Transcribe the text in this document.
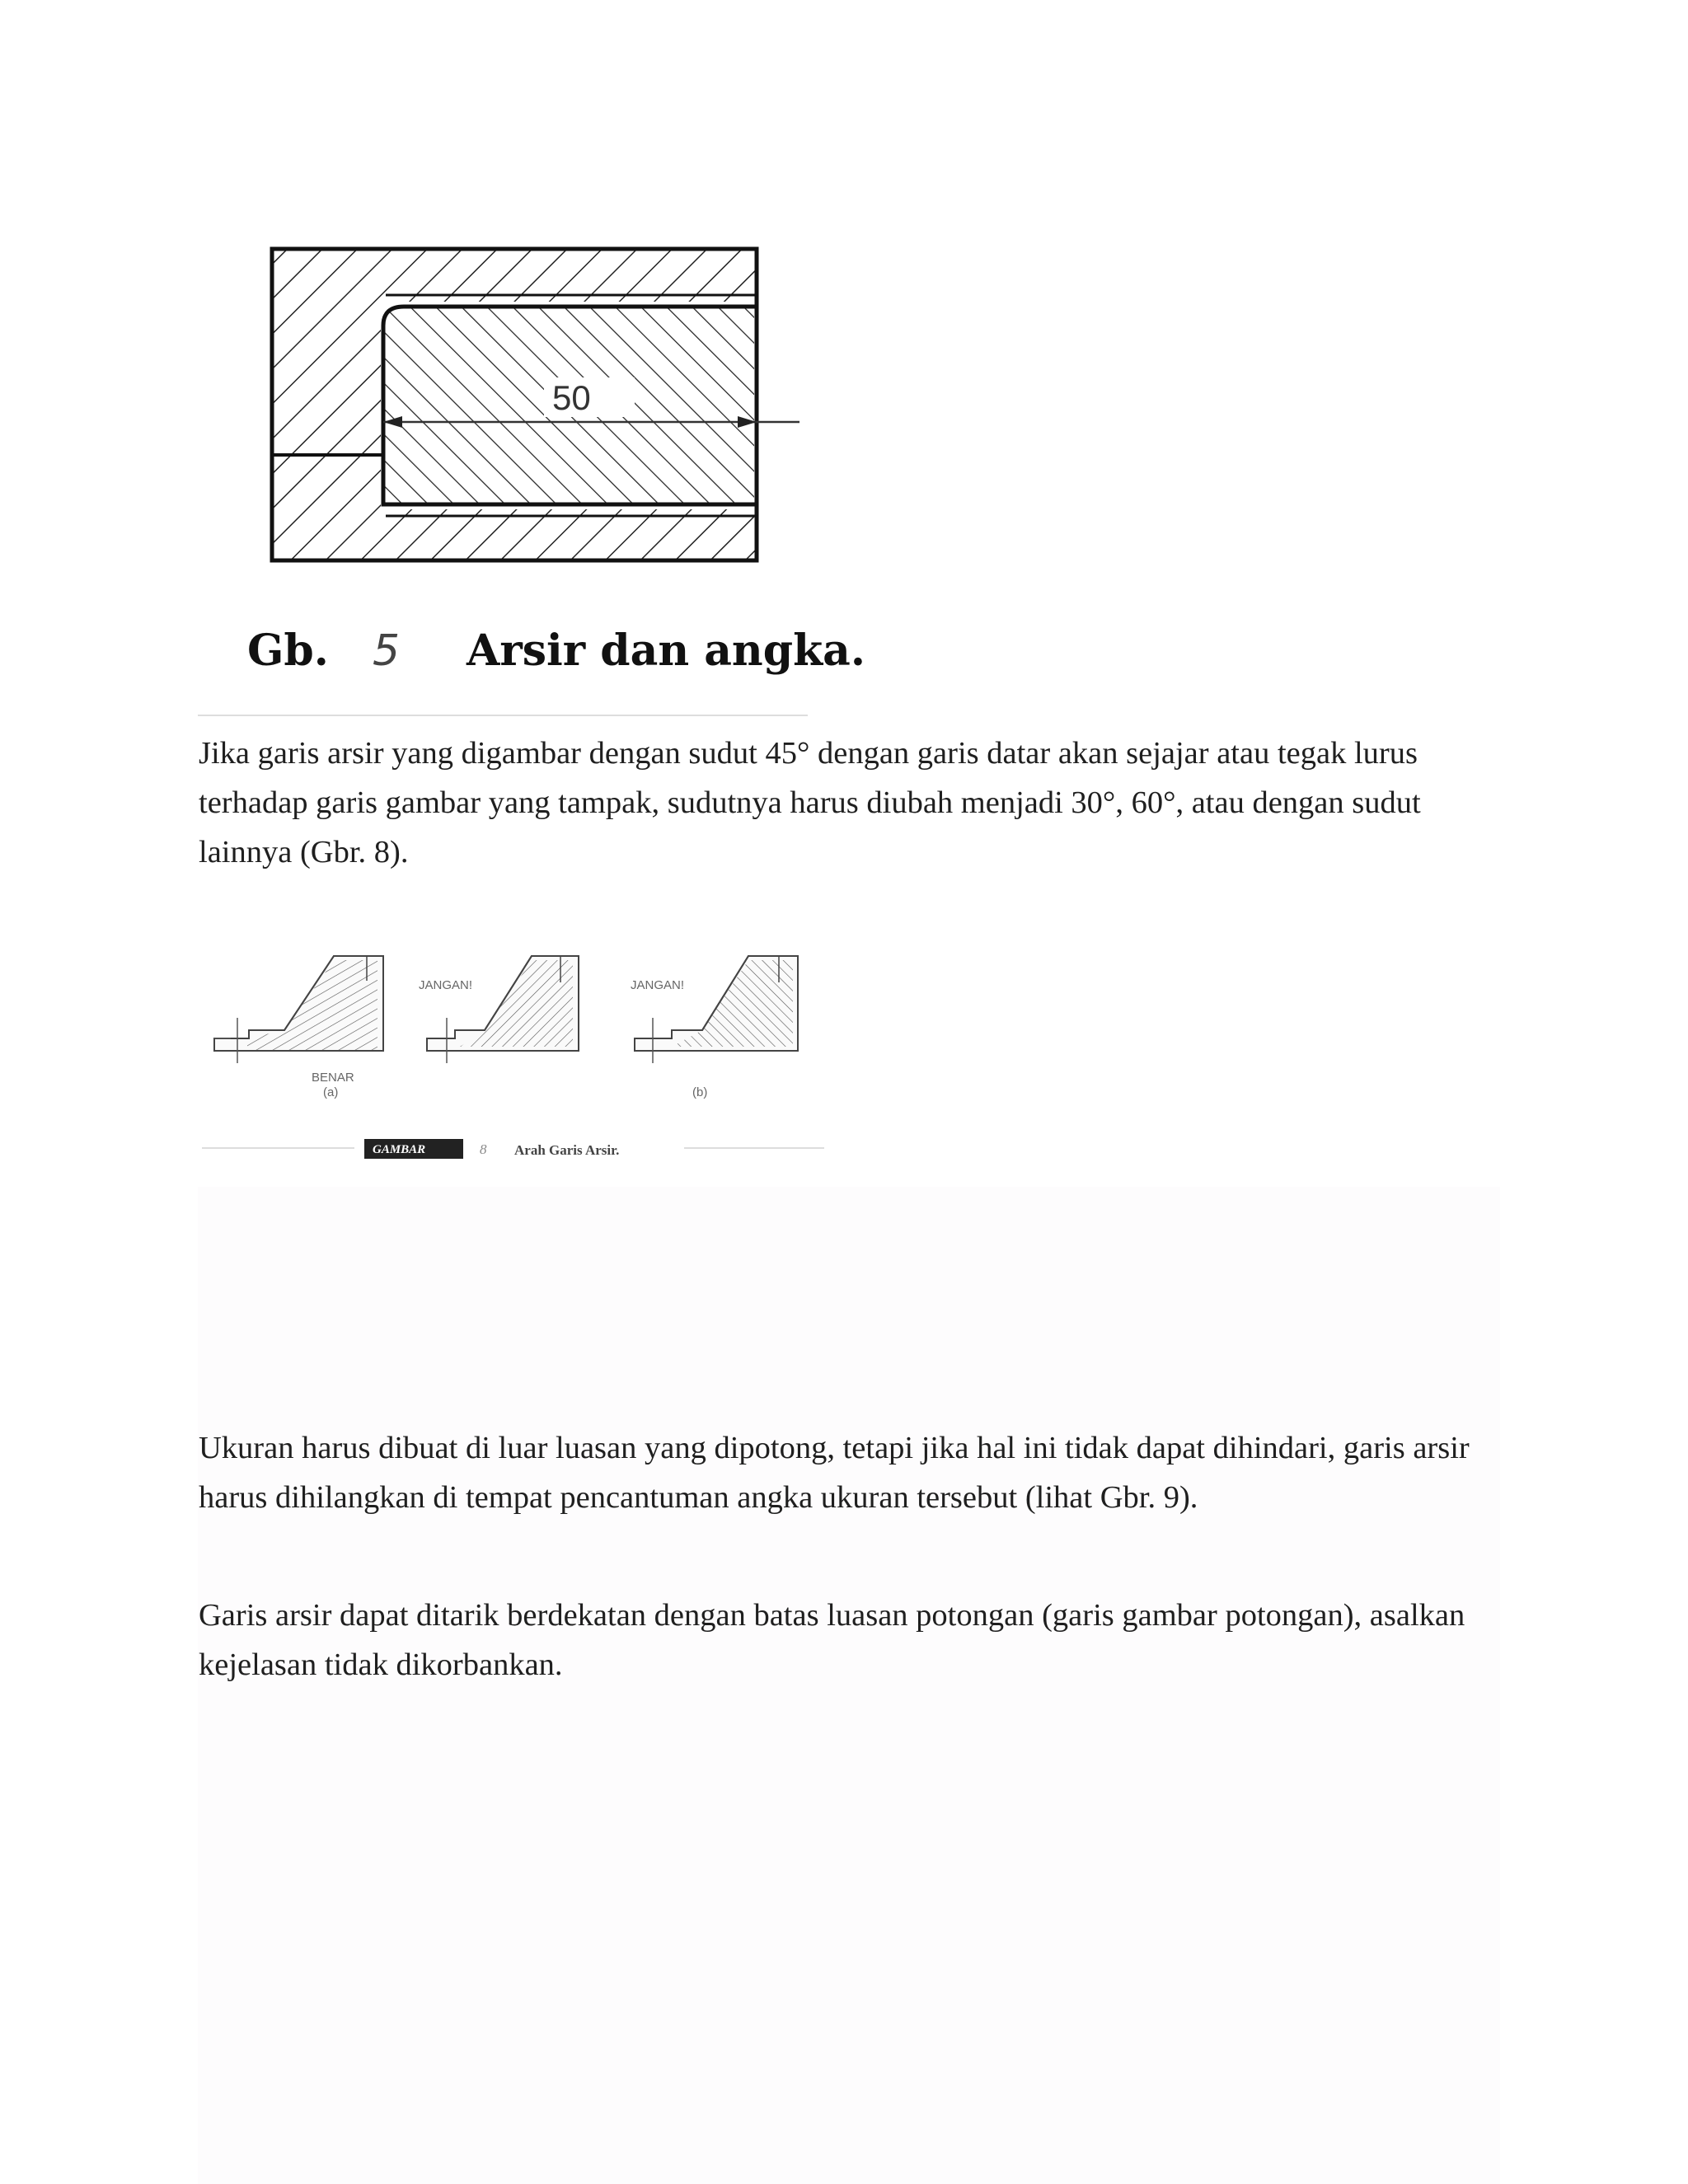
50
Gb. 5 Arsir dan angka.

Jika garis arsir yang digambar dengan sudut 45° dengan garis datar akan sejajar atau tegak lurus terhadap garis gambar yang tampak, sudutnya harus diubah menjadi 30°, 60°, atau dengan sudut lainnya (Gbr. 8).

BENAR
(a)
JANGAN!	JANGAN!
(b)
GAMBAR	8 Arah Garis Arsir.

Ukuran harus dibuat di luar luasan yang dipotong, tetapi jika hal ini tidak dapat dihindari, garis arsir harus dihilangkan di tempat pencantuman angka ukuran tersebut (lihat Gbr. 9).

Garis arsir dapat ditarik berdekatan dengan batas luasan potongan (garis gambar potongan), asalkan kejelasan tidak dikorbankan.
